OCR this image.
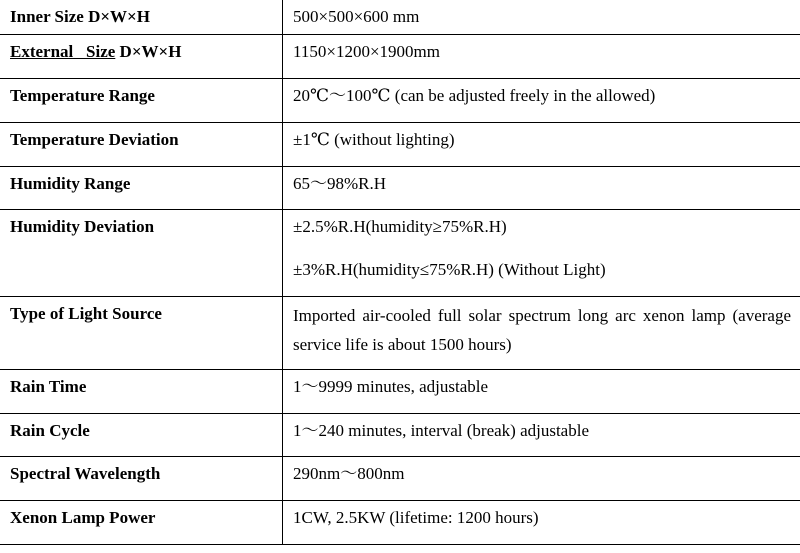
Inner Size D×W×H	500×500×600 mm

External   Size D×W×H	1150×1200×1900mm

Temperature Range	20℃～100℃ (can be adjusted freely in the allowed)

Temperature Deviation	±1℃ (without lighting)

Humidity Range	65～98%R.H

Humidity Deviation	±2.5%R.H(humidity≥75%R.H)
±3%R.H(humidity≤75%R.H) (Without Light)

Type of Light Source	Imported air-cooled full solar spectrum long arc xenon lamp (average service life is about 1500 hours)

Rain Time	1～9999 minutes, adjustable

Rain Cycle	1～240 minutes, interval (break) adjustable

Spectral Wavelength	290nm～800nm

Xenon Lamp Power	1CW, 2.5KW (lifetime: 1200 hours)
